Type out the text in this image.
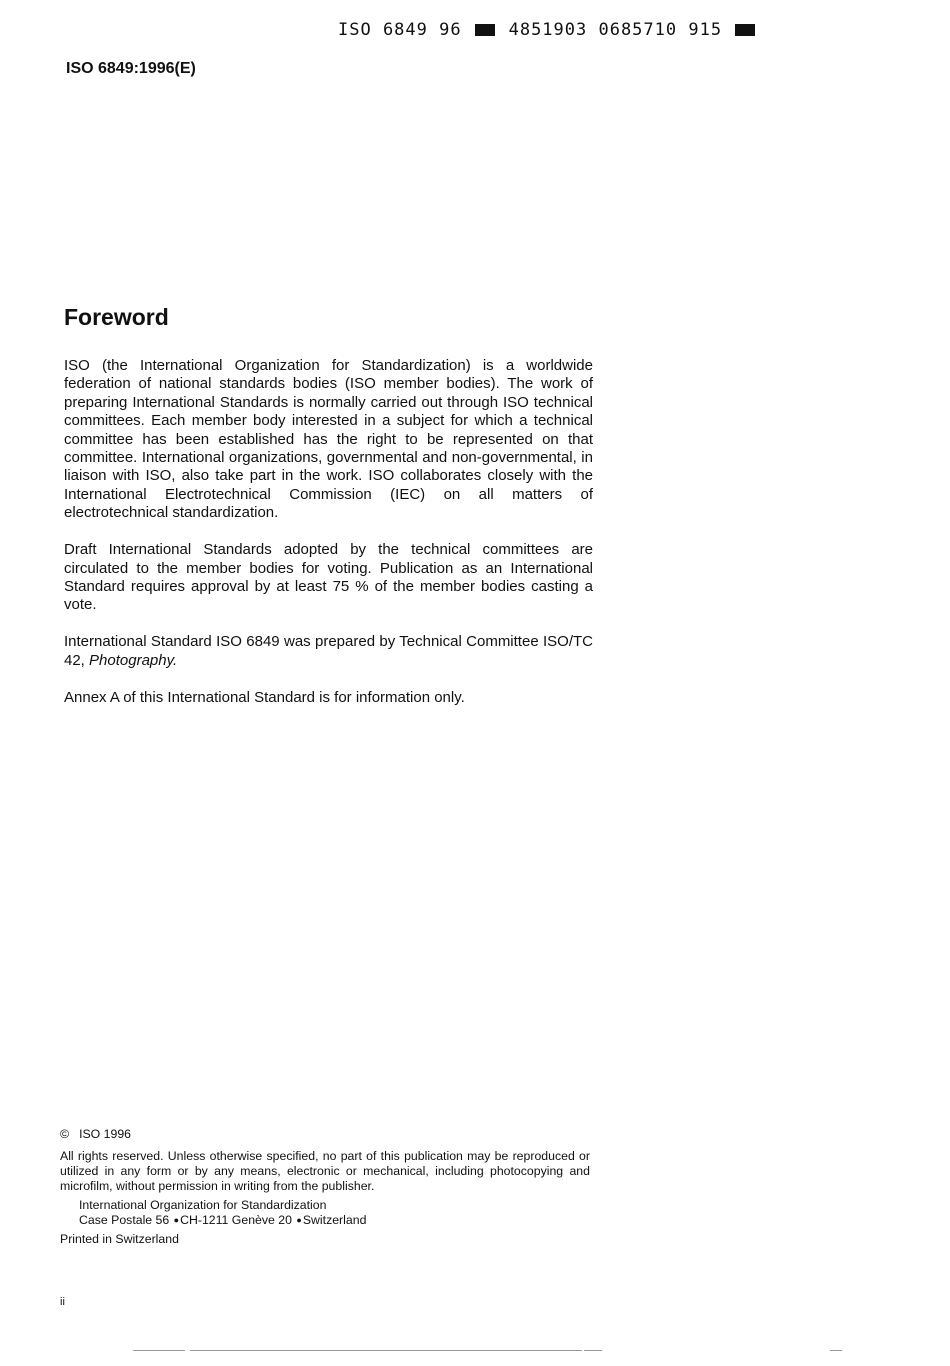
ISO 6849 96	4851903 0685710 915
ISO 6849:1996(E)
Foreword

ISO (the International Organization for Standardization) is a worldwide federation of national standards bodies (ISO member bodies). The work of preparing International Standards is normally carried out through ISO technical committees. Each member body interested in a subject for which a technical committee has been established has the right to be represented on that committee. International organizations, governmental and non-governmental, in liaison with ISO, also take part in the work. ISO collaborates closely with the International Electrotechnical Commission (IEC) on all matters of electrotechnical standardization.

Draft International Standards adopted by the technical committees are circulated to the member bodies for voting. Publication as an International Standard requires approval by at least 75 % of the member bodies casting a vote.

International Standard ISO 6849 was prepared by Technical Committee ISO/TC 42, Photography.

Annex A of this International Standard is for information only.

© ISO 1996
All rights reserved. Unless otherwise specified, no part of this publication may be reproduced or utilized in any form or by any means, electronic or mechanical, including photocopying and microfilm, without permission in writing from the publisher.
International Organization for Standardization
Case Postale 56 ●CH-1211 Genève 20 ●Switzerland
Printed in Switzerland
ii
